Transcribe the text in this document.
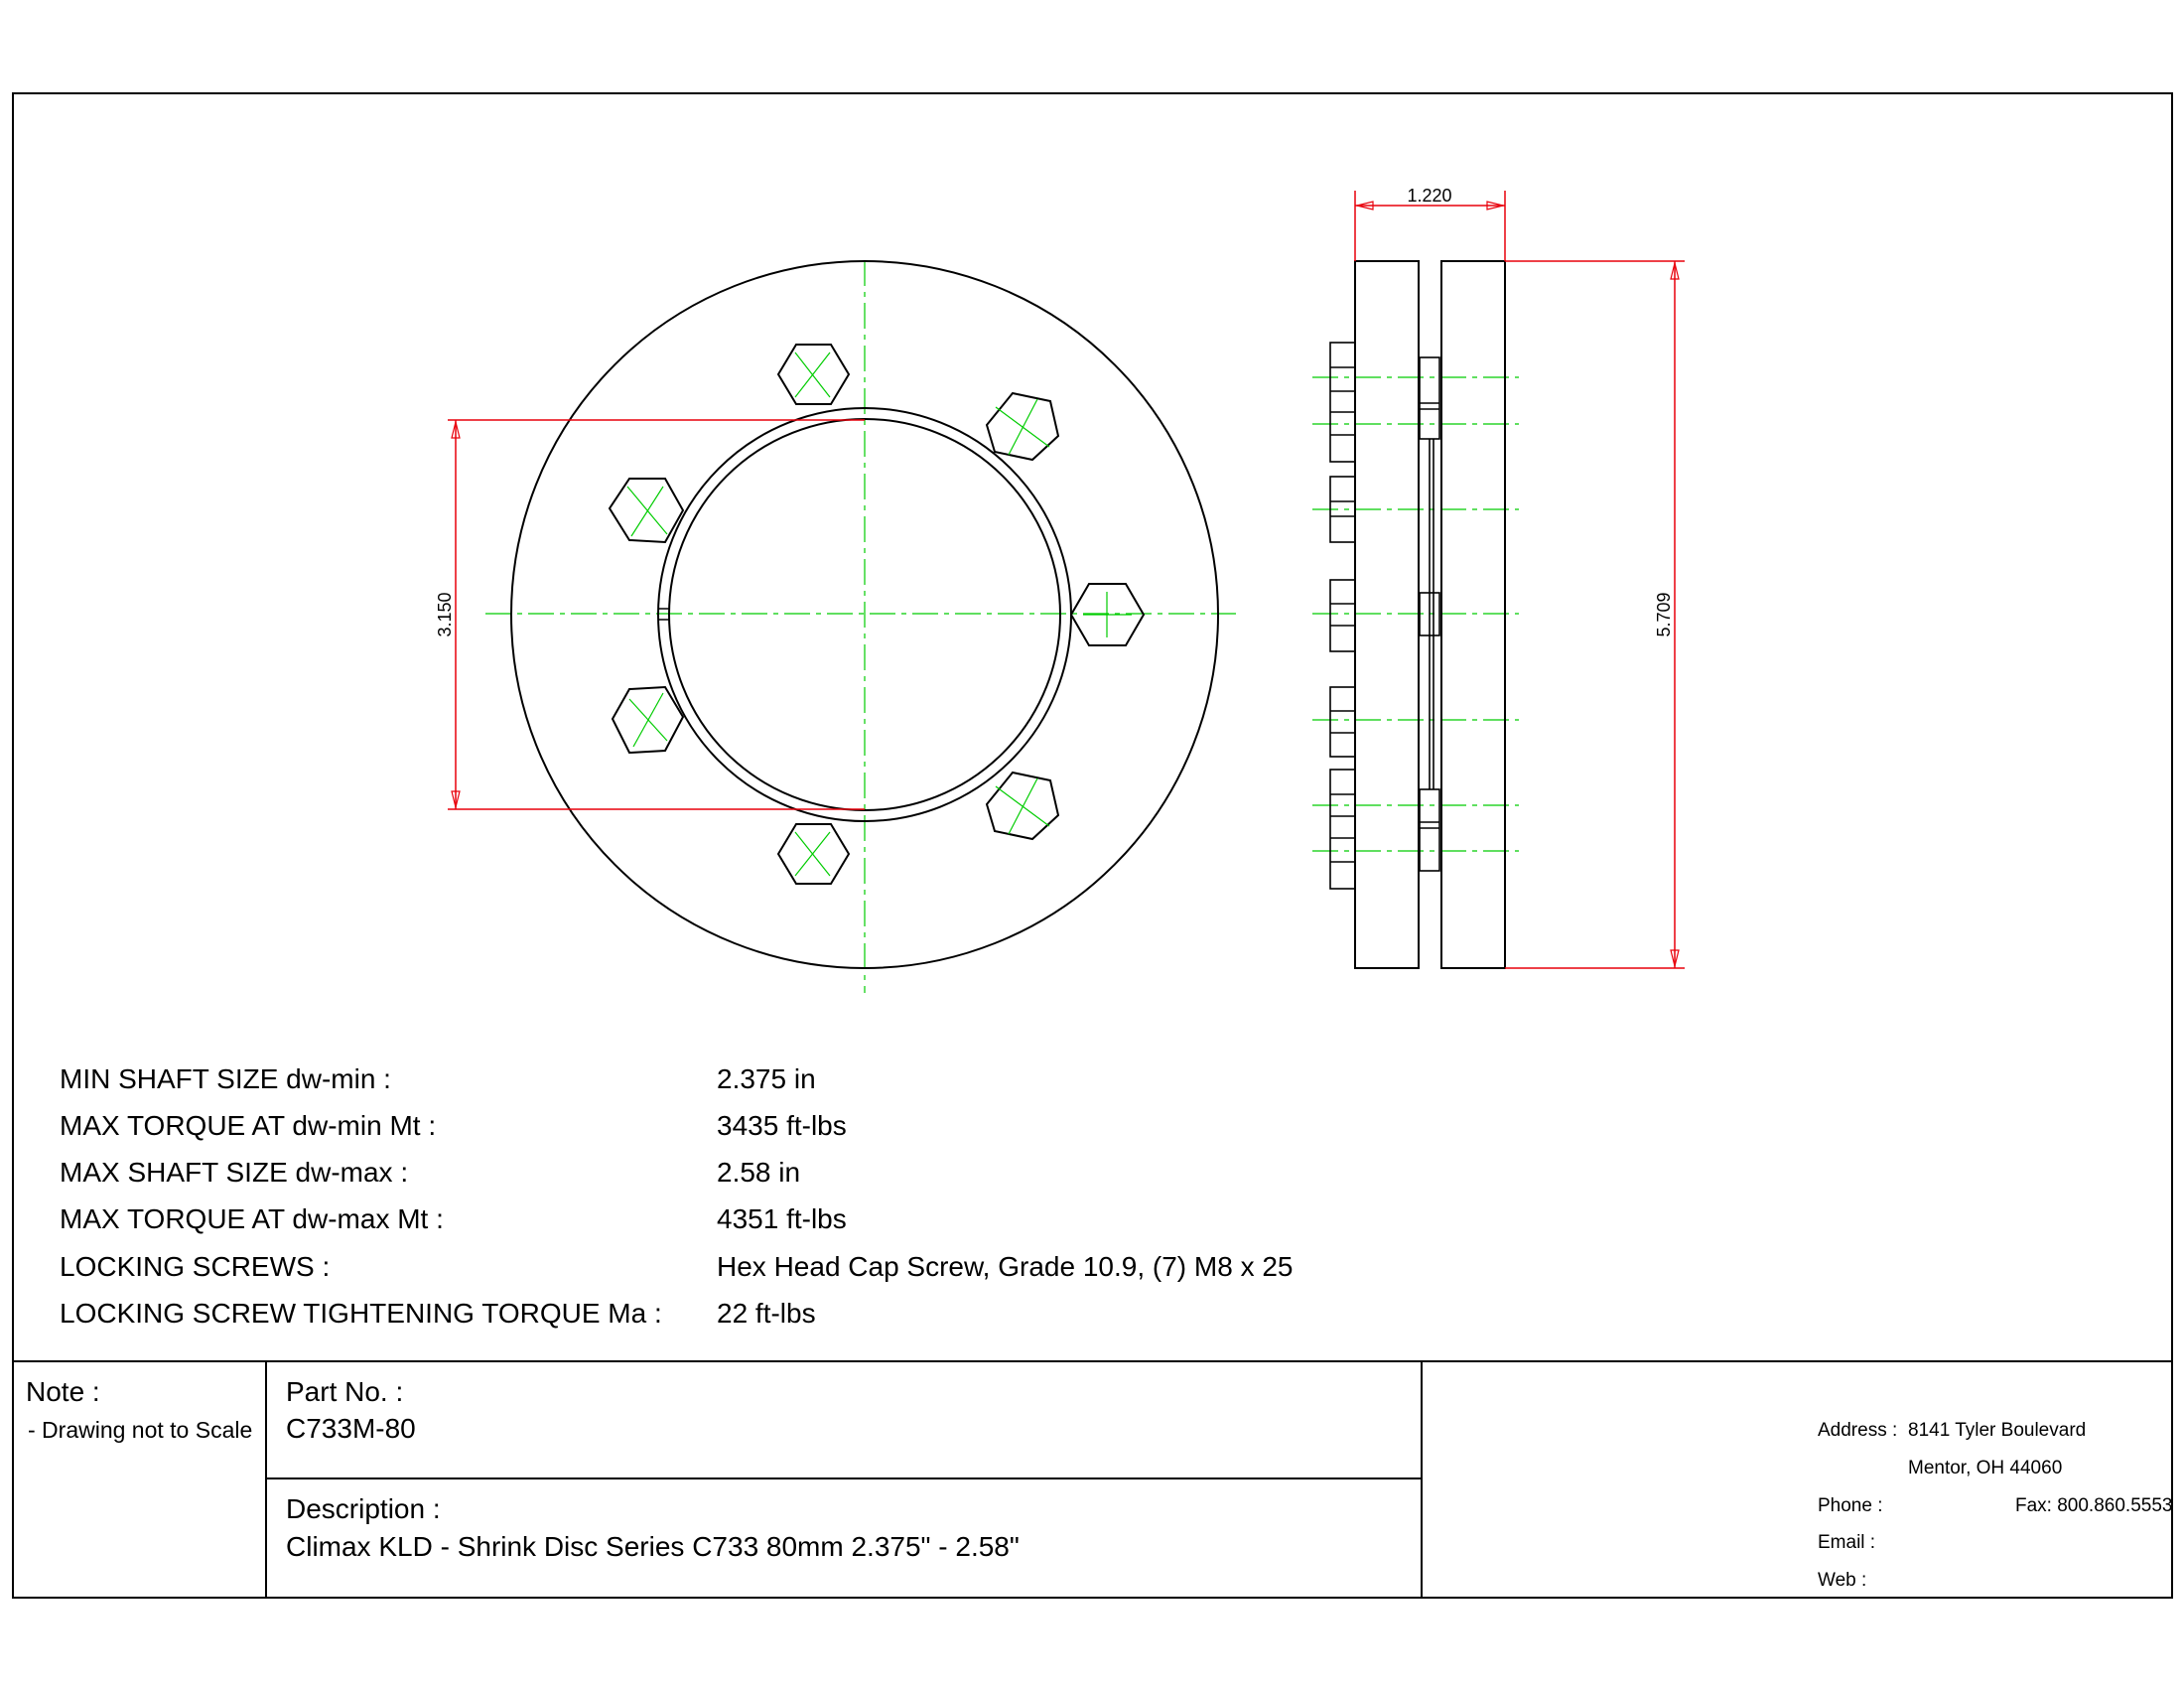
3.150
1.220
5.709
MIN SHAFT SIZE dw-min :	2.375 in
MAX TORQUE AT dw-min Mt :	3435 ft-lbs
MAX SHAFT SIZE dw-max :	2.58 in
MAX TORQUE AT dw-max Mt :	4351 ft-lbs
LOCKING SCREWS :	Hex Head Cap Screw, Grade 10.9, (7) M8 x 25
LOCKING SCREW TIGHTENING TORQUE Ma : 22 ft-lbs
Note :
- Drawing not to Scale
Part No. :
C733M-80
Description :
Climax KLD - Shrink Disc Series C733 80mm 2.375" - 2.58"
Address : 8141 Tyler Boulevard
Mentor, OH 44060
Phone :	Fax: 800.860.5553
Email :
Web :
